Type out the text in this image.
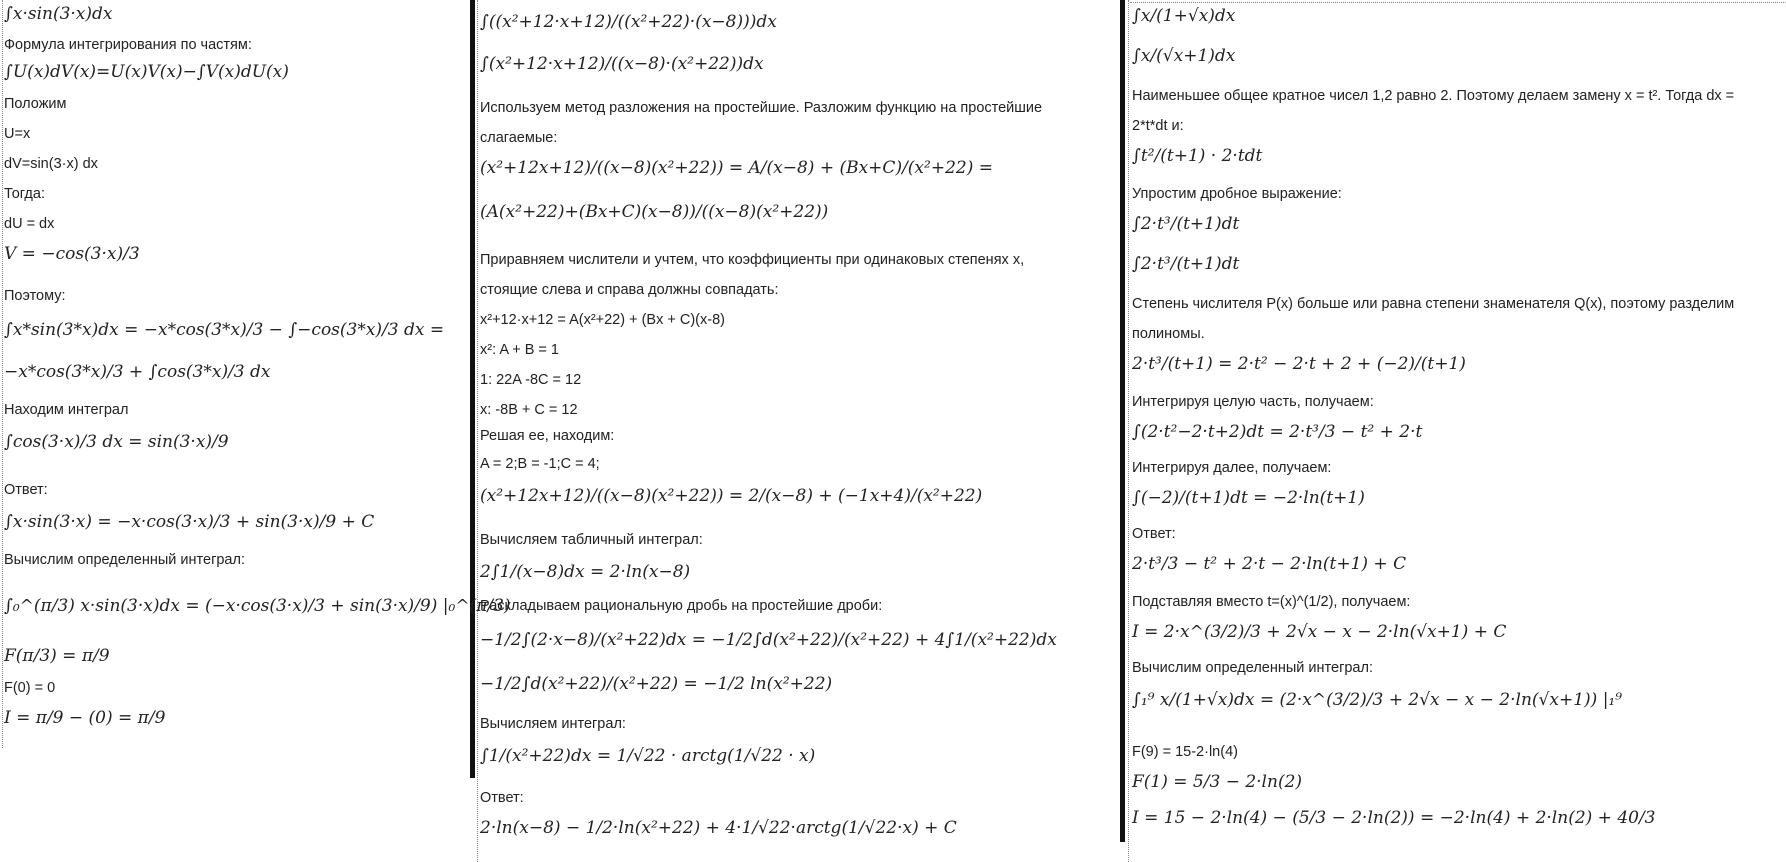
∫x·sin(3·x)dx
Формула интегрирования по частям:
∫U(x)dV(x)=U(x)V(x)−∫V(x)dU(x)
Положим
U=x
dV=sin(3·x) dx
Тогда:
dU = dx
V = −cos(3·x)/3
Поэтому:
∫x*sin(3*x)dx = −x*cos(3*x)/3 − ∫−cos(3*x)/3 dx =
−x*cos(3*x)/3 + ∫cos(3*x)/3 dx
Находим интеграл
∫cos(3·x)/3 dx = sin(3·x)/9
Ответ:
∫x·sin(3·x) = −x·cos(3·x)/3 + sin(3·x)/9 + C
Вычислим определенный интеграл:
∫₀^(π/3) x·sin(3·x)dx = (−x·cos(3·x)/3 + sin(3·x)/9) |₀^(π/3)
F(π/3) = π/9
F(0) = 0
I = π/9 − (0) = π/9
∫((x²+12·x+12)/((x²+22)·(x−8)))dx
∫(x²+12·x+12)/((x−8)·(x²+22))dx
Используем метод разложения на простейшие. Разложим функцию на простейшие
слагаемые:
(x²+12x+12)/((x−8)(x²+22)) = A/(x−8) + (Bx+C)/(x²+22) =
(A(x²+22)+(Bx+C)(x−8))/((x−8)(x²+22))
Приравняем числители и учтем, что коэффициенты при одинаковых степенях x,
стоящие слева и справа должны совпадать:
x²+12·x+12 = A(x²+22) + (Bx + C)(x-8)
x²: A + B = 1
1: 22A -8C = 12
x: -8B + C = 12
Решая ее, находим:
A = 2;B = -1;C = 4;
(x²+12x+12)/((x−8)(x²+22)) = 2/(x−8) + (−1x+4)/(x²+22)
Вычисляем табличный интеграл:
2∫1/(x−8)dx = 2·ln(x−8)
Раскладываем рациональную дробь на простейшие дроби:
−1/2∫(2·x−8)/(x²+22)dx = −1/2∫d(x²+22)/(x²+22) + 4∫1/(x²+22)dx
−1/2∫d(x²+22)/(x²+22) = −1/2 ln(x²+22)
Вычисляем интеграл:
∫1/(x²+22)dx = 1/√22 · arctg(1/√22 · x)
Ответ:
2·ln(x−8) − 1/2·ln(x²+22) + 4·1/√22·arctg(1/√22·x) + C
∫x/(1+√x)dx
∫x/(√x+1)dx
Наименьшее общее кратное чисел 1,2 равно 2. Поэтому делаем замену x = t². Тогда dx =
2*t*dt и:
∫t²/(t+1) · 2·tdt
Упростим дробное выражение:
∫2·t³/(t+1)dt
∫2·t³/(t+1)dt
Степень числителя P(x) больше или равна степени знаменателя Q(x), поэтому разделим
полиномы.
2·t³/(t+1) = 2·t² − 2·t + 2 + (−2)/(t+1)
Интегрируя целую часть, получаем:
∫(2·t²−2·t+2)dt = 2·t³/3 − t² + 2·t
Интегрируя далее, получаем:
∫(−2)/(t+1)dt = −2·ln(t+1)
Ответ:
2·t³/3 − t² + 2·t − 2·ln(t+1) + C
Подставляя вместо t=(x)^(1/2), получаем:
I = 2·x^(3/2)/3 + 2√x − x − 2·ln(√x+1) + C
Вычислим определенный интеграл:
∫₁⁹ x/(1+√x)dx = (2·x^(3/2)/3 + 2√x − x − 2·ln(√x+1)) |₁⁹
F(9) = 15-2·ln(4)
F(1) = 5/3 − 2·ln(2)
I = 15 − 2·ln(4) − (5/3 − 2·ln(2)) = −2·ln(4) + 2·ln(2) + 40/3
